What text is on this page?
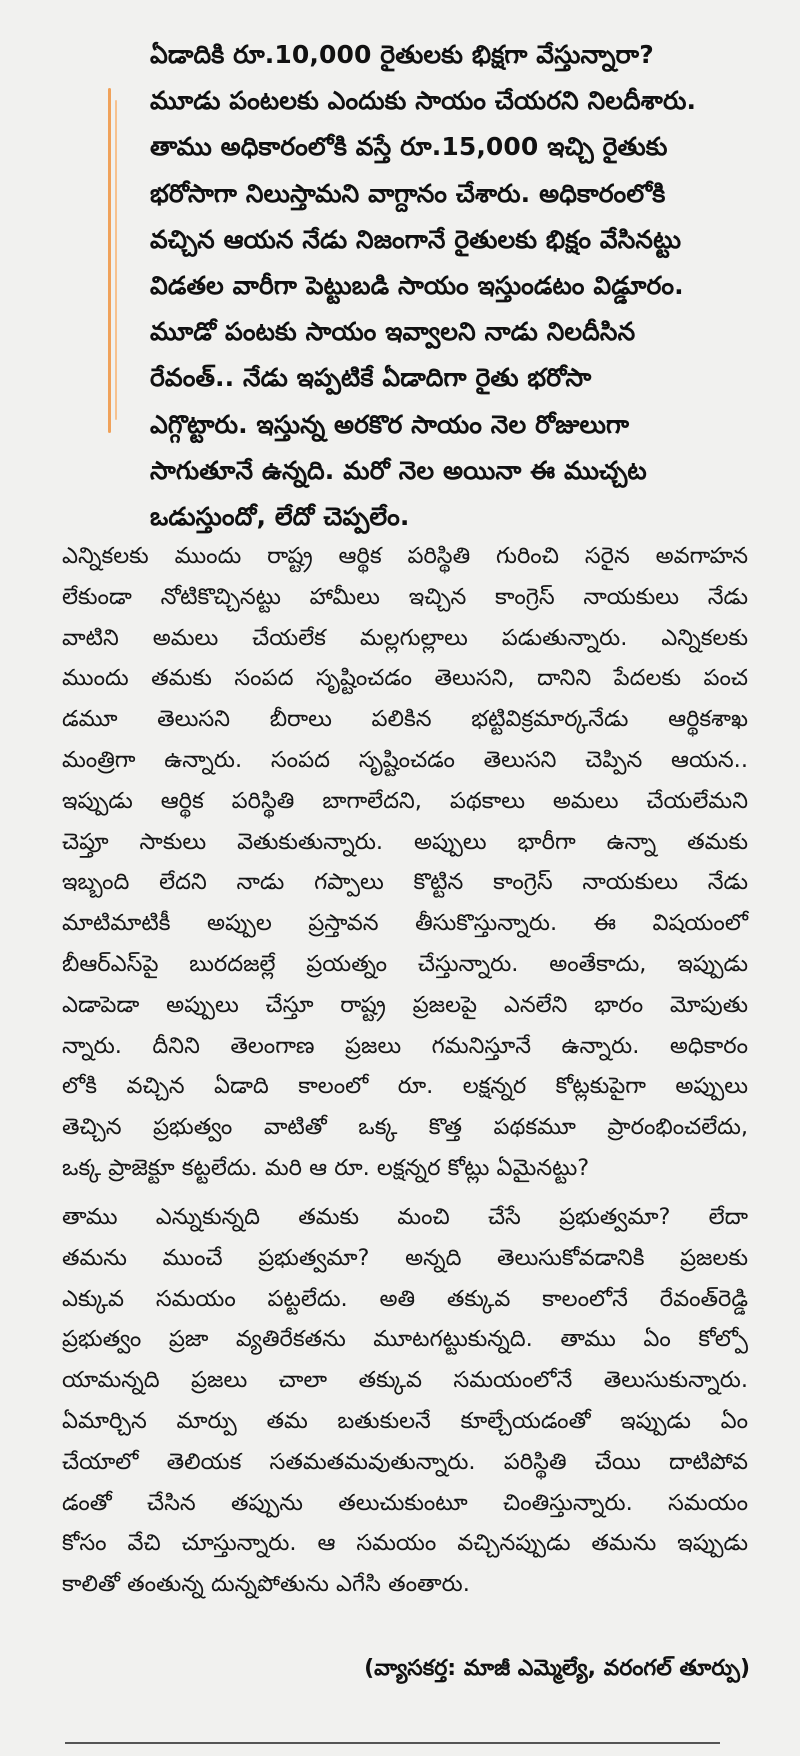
ఏడాదికి రూ.10,000 రైతులకు భిక్షగా వేస్తున్నారా?
మూడు పంటలకు ఎందుకు సాయం చేయరని నిలదీశారు.
తాము అధికారంలోకి వస్తే రూ.15,000 ఇచ్చి రైతుకు
భరోసాగా నిలుస్తామని వాగ్దానం చేశారు. అధికారంలోకి
వచ్చిన ఆయన నేడు నిజంగానే రైతులకు భిక్షం వేసినట్టు
విడతల వారీగా పెట్టుబడి సాయం ఇస్తుండటం విడ్డూరం.
మూడో పంటకు సాయం ఇవ్వాలని నాడు నిలదీసిన
రేవంత్.. నేడు ఇప్పటికే ఏడాదిగా రైతు భరోసా
ఎగ్గొట్టారు. ఇస్తున్న అరకొర సాయం నెల రోజులుగా
సాగుతూనే ఉన్నది. మరో నెల అయినా ఈ ముచ్చట
ఒడుస్తుందో, లేదో చెప్పలేం.
ఎన్నికలకు ముందు రాష్ట్ర ఆర్థిక పరిస్థితి గురించి సరైన అవగాహన
లేకుండా నోటికొచ్చినట్టు హామీలు ఇచ్చిన కాంగ్రెస్ నాయకులు నేడు
వాటిని అమలు చేయలేక మల్లగుల్లాలు పడుతున్నారు. ఎన్నికలకు
ముందు తమకు సంపద సృష్టించడం తెలుసని, దానిని పేదలకు పంచ
డమూ తెలుసని బీరాలు పలికిన భట్టివిక్రమార్కనేడు ఆర్థికశాఖ
మంత్రిగా ఉన్నారు. సంపద సృష్టించడం తెలుసని చెప్పిన ఆయన..
ఇప్పుడు ఆర్థిక పరిస్థితి బాగాలేదని, పథకాలు అమలు చేయలేమని
చెప్తూ సాకులు వెతుకుతున్నారు. అప్పులు భారీగా ఉన్నా తమకు
ఇబ్బంది లేదని నాడు గప్పాలు కొట్టిన కాంగ్రెస్ నాయకులు నేడు
మాటిమాటికీ అప్పుల ప్రస్తావన తీసుకొస్తున్నారు. ఈ విషయంలో
బీఆర్ఎస్‌పై బురదజల్లే ప్రయత్నం చేస్తున్నారు. అంతేకాదు, ఇప్పుడు
ఎడాపెడా అప్పులు చేస్తూ రాష్ట్ర ప్రజలపై ఎనలేని భారం మోపుతు
న్నారు. దీనిని తెలంగాణ ప్రజలు గమనిస్తూనే ఉన్నారు. అధికారం
లోకి వచ్చిన ఏడాది కాలంలో రూ. లక్షన్నర కోట్లకుపైగా అప్పులు
తెచ్చిన ప్రభుత్వం వాటితో ఒక్క కొత్త పథకమూ ప్రారంభించలేదు,
ఒక్క ప్రాజెక్టూ కట్టలేదు. మరి ఆ రూ. లక్షన్నర కోట్లు ఏమైనట్టు?
తాము ఎన్నుకున్నది తమకు మంచి చేసే ప్రభుత్వమా? లేదా
తమను ముంచే ప్రభుత్వమా? అన్నది తెలుసుకోవడానికి ప్రజలకు
ఎక్కువ సమయం పట్టలేదు. అతి తక్కువ కాలంలోనే రేవంత్‌రెడ్డి
ప్రభుత్వం ప్రజా వ్యతిరేకతను మూటగట్టుకున్నది. తాము ఏం కోల్పో
యామన్నది ప్రజలు చాలా తక్కువ సమయంలోనే తెలుసుకున్నారు.
ఏమార్చిన మార్పు తమ బతుకులనే కూల్చేయడంతో ఇప్పుడు ఏం
చేయాలో తెలియక సతమతమవుతున్నారు. పరిస్థితి చేయి దాటిపోవ
డంతో చేసిన తప్పును తలుచుకుంటూ చింతిస్తున్నారు. సమయం
కోసం వేచి చూస్తున్నారు. ఆ సమయం వచ్చినప్పుడు తమను ఇప్పుడు
కాలితో తంతున్న దున్నపోతును ఎగేసి తంతారు.
(వ్యాసకర్త: మాజీ ఎమ్మెల్యే, వరంగల్ తూర్పు)
